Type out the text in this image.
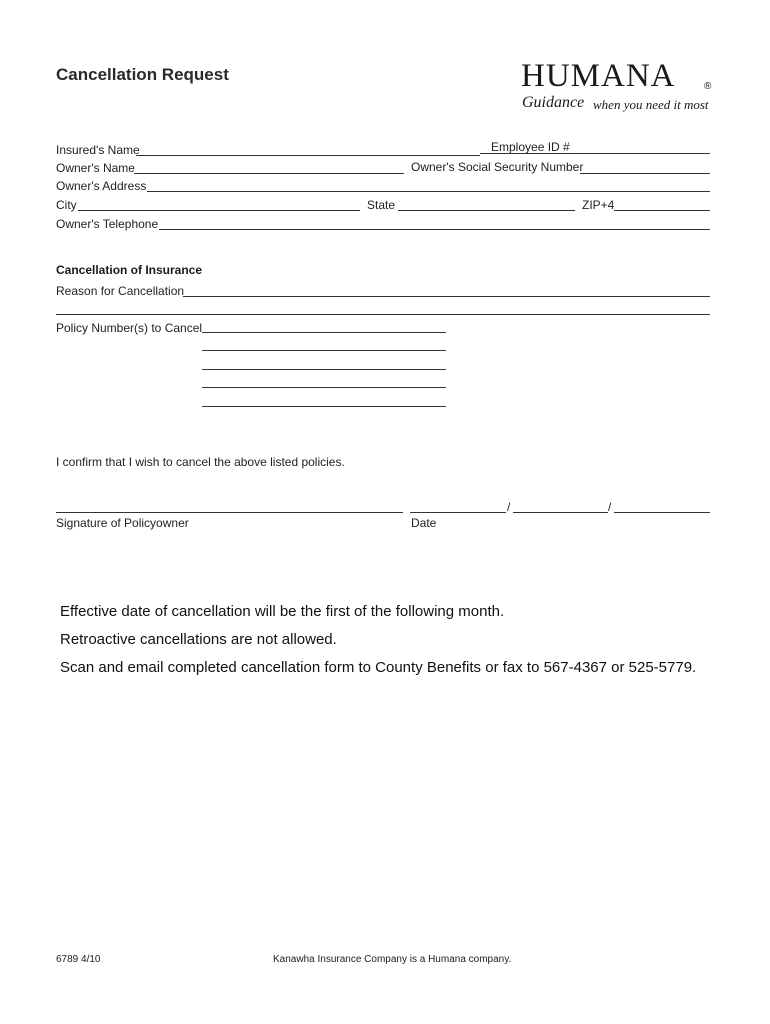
Cancellation Request	HUMANA	®
Guidance when you need it most
Insured's Name	Employee ID #
Owner's Name	Owner's Social Security Number
Owner's Address
City	State	ZIP+4
Owner's Telephone
Cancellation of Insurance
Reason for Cancellation
Policy Number(s) to Cancel
I confirm that I wish to cancel the above listed policies.
Signature of Policyowner
/	/
Date
Effective date of cancellation will be the first of the following month.
Retroactive cancellations are not allowed.
Scan and email completed cancellation form to County Benefits or fax to 567-4367 or 525-5779.
6789 4/10	Kanawha Insurance Company is a Humana company.
